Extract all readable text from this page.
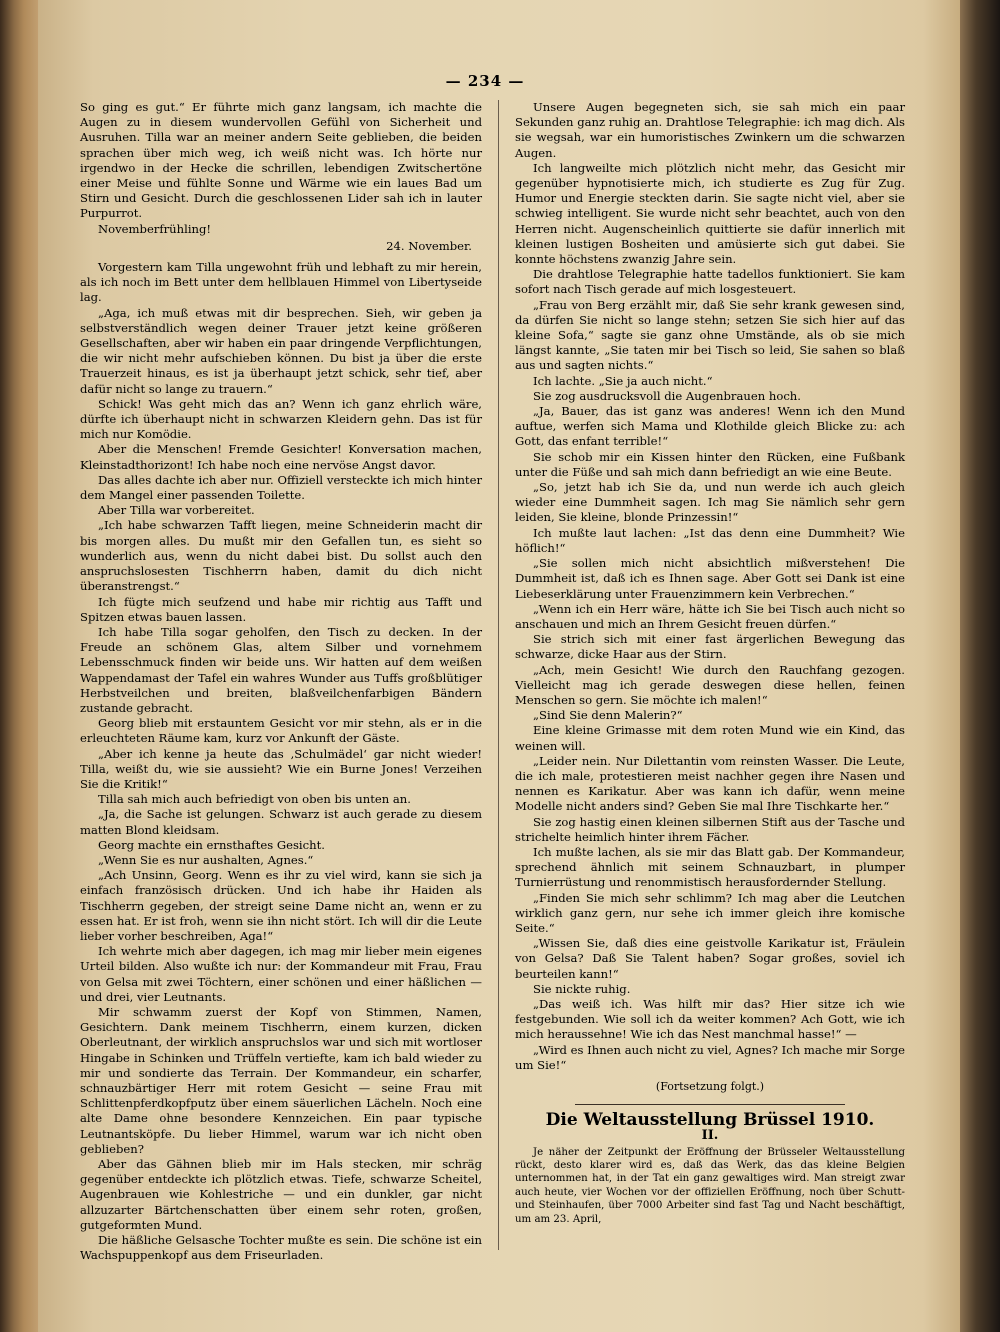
— 234 —

So ging es gut.“ Er führte mich ganz langsam, ich machte die Augen zu in diesem wundervollen Gefühl von Sicherheit und Ausruhen. Tilla war an meiner andern Seite geblieben, die beiden sprachen über mich weg, ich weiß nicht was. Ich hörte nur irgendwo in der Hecke die schrillen, lebendigen Zwitschertöne einer Meise und fühlte Sonne und Wärme wie ein laues Bad um Stirn und Gesicht. Durch die geschlossenen Lider sah ich in lauter Purpurrot.

Novemberfrühling!

24. November.

Vorgestern kam Tilla ungewohnt früh und lebhaft zu mir herein, als ich noch im Bett unter dem hellblauen Himmel von Libertyseide lag.

„Aga, ich muß etwas mit dir besprechen. Sieh, wir geben ja selbstverständlich wegen deiner Trauer jetzt keine größeren Gesellschaften, aber wir haben ein paar dringende Verpflichtungen, die wir nicht mehr aufschieben können. Du bist ja über die erste Trauerzeit hinaus, es ist ja überhaupt jetzt schick, sehr tief, aber dafür nicht so lange zu trauern.“

Schick! Was geht mich das an? Wenn ich ganz ehrlich wäre, dürfte ich überhaupt nicht in schwarzen Kleidern gehn. Das ist für mich nur Komödie.

Aber die Menschen! Fremde Gesichter! Konversation machen, Kleinstadthorizont! Ich habe noch eine nervöse Angst davor.

Das alles dachte ich aber nur. Offiziell versteckte ich mich hinter dem Mangel einer passenden Toilette.

Aber Tilla war vorbereitet.

„Ich habe schwarzen Tafft liegen, meine Schneiderin macht dir bis morgen alles. Du mußt mir den Gefallen tun, es sieht so wunderlich aus, wenn du nicht dabei bist. Du sollst auch den anspruchslosesten Tischherrn haben, damit du dich nicht überanstrengst.“

Ich fügte mich seufzend und habe mir richtig aus Tafft und Spitzen etwas bauen lassen.

Ich habe Tilla sogar geholfen, den Tisch zu decken. In der Freude an schönem Glas, altem Silber und vornehmem Lebensschmuck finden wir beide uns. Wir hatten auf dem weißen Wappendamast der Tafel ein wahres Wunder aus Tuffs großblütiger Herbstveilchen und breiten, blaßveilchenfarbigen Bändern zustande gebracht.

Georg blieb mit erstauntem Gesicht vor mir stehn, als er in die erleuchteten Räume kam, kurz vor Ankunft der Gäste.

„Aber ich kenne ja heute das ‚Schulmädel‘ gar nicht wieder! Tilla, weißt du, wie sie aussieht? Wie ein Burne Jones! Verzeihen Sie die Kritik!“

Tilla sah mich auch befriedigt von oben bis unten an.

„Ja, die Sache ist gelungen. Schwarz ist auch gerade zu diesem matten Blond kleidsam.

Georg machte ein ernsthaftes Gesicht.

„Wenn Sie es nur aushalten, Agnes.“

„Ach Unsinn, Georg. Wenn es ihr zu viel wird, kann sie sich ja einfach französisch drücken. Und ich habe ihr Haiden als Tischherrn gegeben, der streigt seine Dame nicht an, wenn er zu essen hat. Er ist froh, wenn sie ihn nicht stört. Ich will dir die Leute lieber vorher beschreiben, Aga!“

Ich wehrte mich aber dagegen, ich mag mir lieber mein eigenes Urteil bilden. Also wußte ich nur: der Kommandeur mit Frau, Frau von Gelsa mit zwei Töchtern, einer schönen und einer häßlichen — und drei, vier Leutnants.

Mir schwamm zuerst der Kopf von Stimmen, Namen, Gesichtern. Dank meinem Tischherrn, einem kurzen, dicken Oberleutnant, der wirklich anspruchslos war und sich mit wortloser Hingabe in Schinken und Trüffeln vertiefte, kam ich bald wieder zu mir und sondierte das Terrain. Der Kommandeur, ein scharfer, schnauzbärtiger Herr mit rotem Gesicht — seine Frau mit Schlittenpferdkopfputz über einem säuerlichen Lächeln. Noch eine alte Dame ohne besondere Kennzeichen. Ein paar typische Leutnantsköpfe. Du lieber Himmel, warum war ich nicht oben geblieben?

Aber das Gähnen blieb mir im Hals stecken, mir schräg gegenüber entdeckte ich plötzlich etwas. Tiefe, schwarze Scheitel, Augenbrauen wie Kohlestriche — und ein dunkler, gar nicht allzuzarter Bärtchenschatten über einem sehr roten, großen, gutgeformten Mund.

Die häßliche Gelsasche Tochter mußte es sein. Die schöne ist ein Wachspuppenkopf aus dem Friseurladen.

Unsere Augen begegneten sich, sie sah mich ein paar Sekunden ganz ruhig an. Drahtlose Telegraphie: ich mag dich. Als sie wegsah, war ein humoristisches Zwinkern um die schwarzen Augen.

Ich langweilte mich plötzlich nicht mehr, das Gesicht mir gegenüber hypnotisierte mich, ich studierte es Zug für Zug. Humor und Energie steckten darin. Sie sagte nicht viel, aber sie schwieg intelligent. Sie wurde nicht sehr beachtet, auch von den Herren nicht. Augenscheinlich quittierte sie dafür innerlich mit kleinen lustigen Bosheiten und amüsierte sich gut dabei. Sie konnte höchstens zwanzig Jahre sein.

Die drahtlose Telegraphie hatte tadellos funktioniert. Sie kam sofort nach Tisch gerade auf mich losgesteuert.

„Frau von Berg erzählt mir, daß Sie sehr krank gewesen sind, da dürfen Sie nicht so lange stehn; setzen Sie sich hier auf das kleine Sofa,“ sagte sie ganz ohne Umstände, als ob sie mich längst kannte, „Sie taten mir bei Tisch so leid, Sie sahen so blaß aus und sagten nichts.“

Ich lachte. „Sie ja auch nicht.“

Sie zog ausdrucksvoll die Augenbrauen hoch.

„Ja, Bauer, das ist ganz was anderes! Wenn ich den Mund auftue, werfen sich Mama und Klothilde gleich Blicke zu: ach Gott, das enfant terrible!“

Sie schob mir ein Kissen hinter den Rücken, eine Fußbank unter die Füße und sah mich dann befriedigt an wie eine Beute.

„So, jetzt hab ich Sie da, und nun werde ich auch gleich wieder eine Dummheit sagen. Ich mag Sie nämlich sehr gern leiden, Sie kleine, blonde Prinzessin!“

Ich mußte laut lachen: „Ist das denn eine Dummheit? Wie höflich!“

„Sie sollen mich nicht absichtlich mißverstehen! Die Dummheit ist, daß ich es Ihnen sage. Aber Gott sei Dank ist eine Liebeserklärung unter Frauenzimmern kein Verbrechen.“

„Wenn ich ein Herr wäre, hätte ich Sie bei Tisch auch nicht so anschauen und mich an Ihrem Gesicht freuen dürfen.“

Sie strich sich mit einer fast ärgerlichen Bewegung das schwarze, dicke Haar aus der Stirn.

„Ach, mein Gesicht! Wie durch den Rauchfang gezogen. Vielleicht mag ich gerade deswegen diese hellen, feinen Menschen so gern. Sie möchte ich malen!“

„Sind Sie denn Malerin?“

Eine kleine Grimasse mit dem roten Mund wie ein Kind, das weinen will.

„Leider nein. Nur Dilettantin vom reinsten Wasser. Die Leute, die ich male, protestieren meist nachher gegen ihre Nasen und nennen es Karikatur. Aber was kann ich dafür, wenn meine Modelle nicht anders sind? Geben Sie mal Ihre Tischkarte her.“

Sie zog hastig einen kleinen silbernen Stift aus der Tasche und strichelte heimlich hinter ihrem Fächer.

Ich mußte lachen, als sie mir das Blatt gab. Der Kommandeur, sprechend ähnlich mit seinem Schnauzbart, in plumper Turnierrüstung und renommistisch herausfordernder Stellung.

„Finden Sie mich sehr schlimm? Ich mag aber die Leutchen wirklich ganz gern, nur sehe ich immer gleich ihre komische Seite.“

„Wissen Sie, daß dies eine geistvolle Karikatur ist, Fräulein von Gelsa? Daß Sie Talent haben? Sogar großes, soviel ich beurteilen kann!“

Sie nickte ruhig.

„Das weiß ich. Was hilft mir das? Hier sitze ich wie festgebunden. Wie soll ich da weiter kommen? Ach Gott, wie ich mich heraussehne! Wie ich das Nest manchmal hasse!“ —

„Wird es Ihnen auch nicht zu viel, Agnes? Ich mache mir Sorge um Sie!“

(Fortsetzung folgt.)

Die Weltausstellung Brüssel 1910.

II.

Je näher der Zeitpunkt der Eröffnung der Brüsseler Weltausstellung rückt, desto klarer wird es, daß das Werk, das das kleine Belgien unternommen hat, in der Tat ein ganz gewaltiges wird. Man streigt zwar auch heute, vier Wochen vor der offiziellen Eröffnung, noch über Schutt- und Steinhaufen, über 7000 Arbeiter sind fast Tag und Nacht beschäftigt, um am 23. April,
